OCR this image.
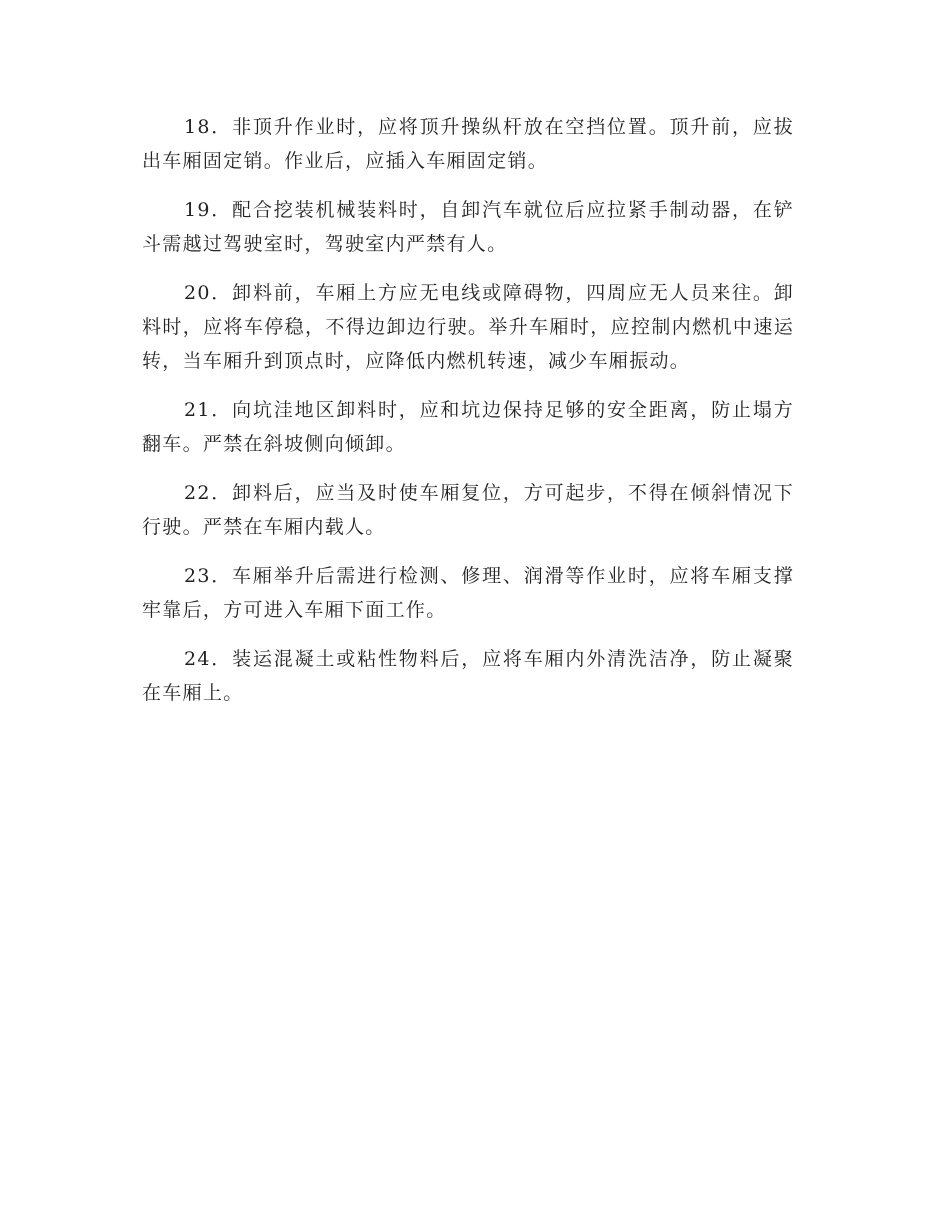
18．非顶升作业时，应将顶升操纵杆放在空挡位置。顶升前，应拔出车厢固定销。作业后，应插入车厢固定销。

19．配合挖装机械装料时，自卸汽车就位后应拉紧手制动器，在铲斗需越过驾驶室时，驾驶室内严禁有人。

20．卸料前，车厢上方应无电线或障碍物，四周应无人员来往。卸料时，应将车停稳，不得边卸边行驶。举升车厢时，应控制内燃机中速运转，当车厢升到顶点时，应降低内燃机转速，减少车厢振动。

21．向坑洼地区卸料时，应和坑边保持足够的安全距离，防止塌方翻车。严禁在斜坡侧向倾卸。

22．卸料后，应当及时使车厢复位，方可起步，不得在倾斜情况下行驶。严禁在车厢内载人。

23．车厢举升后需进行检测、修理、润滑等作业时，应将车厢支撑牢靠后，方可进入车厢下面工作。

24．装运混凝土或粘性物料后，应将车厢内外清洗洁净，防止凝聚在车厢上。
